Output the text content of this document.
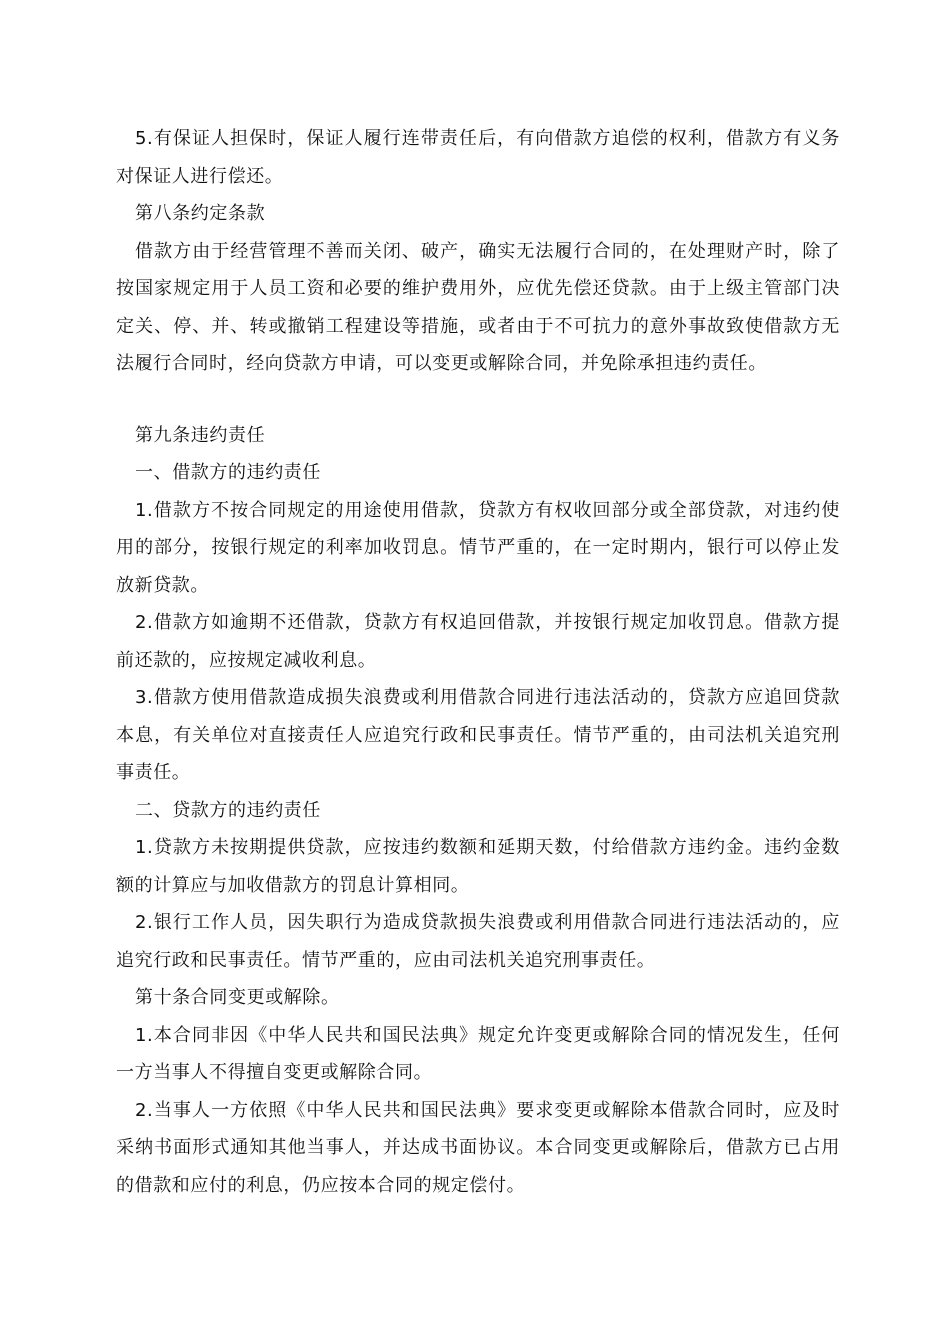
5.有保证人担保时，保证人履行连带责任后，有向借款方追偿的权利，借款方有义务对保证人进行偿还。

第八条约定条款

借款方由于经营管理不善而关闭、破产，确实无法履行合同的，在处理财产时，除了按国家规定用于人员工资和必要的维护费用外，应优先偿还贷款。由于上级主管部门决定关、停、并、转或撤销工程建设等措施，或者由于不可抗力的意外事故致使借款方无法履行合同时，经向贷款方申请，可以变更或解除合同，并免除承担违约责任。

第九条违约责任

一、借款方的违约责任

1.借款方不按合同规定的用途使用借款，贷款方有权收回部分或全部贷款，对违约使用的部分，按银行规定的利率加收罚息。情节严重的，在一定时期内，银行可以停止发放新贷款。

2.借款方如逾期不还借款，贷款方有权追回借款，并按银行规定加收罚息。借款方提前还款的，应按规定减收利息。

3.借款方使用借款造成损失浪费或利用借款合同进行违法活动的，贷款方应追回贷款本息，有关单位对直接责任人应追究行政和民事责任。情节严重的，由司法机关追究刑事责任。

二、贷款方的违约责任

1.贷款方未按期提供贷款，应按违约数额和延期天数，付给借款方违约金。违约金数额的计算应与加收借款方的罚息计算相同。

2.银行工作人员，因失职行为造成贷款损失浪费或利用借款合同进行违法活动的，应追究行政和民事责任。情节严重的，应由司法机关追究刑事责任。

第十条合同变更或解除。

1.本合同非因《中华人民共和国民法典》规定允许变更或解除合同的情况发生，任何一方当事人不得擅自变更或解除合同。

2.当事人一方依照《中华人民共和国民法典》要求变更或解除本借款合同时，应及时采纳书面形式通知其他当事人，并达成书面协议。本合同变更或解除后，借款方已占用的借款和应付的利息，仍应按本合同的规定偿付。
